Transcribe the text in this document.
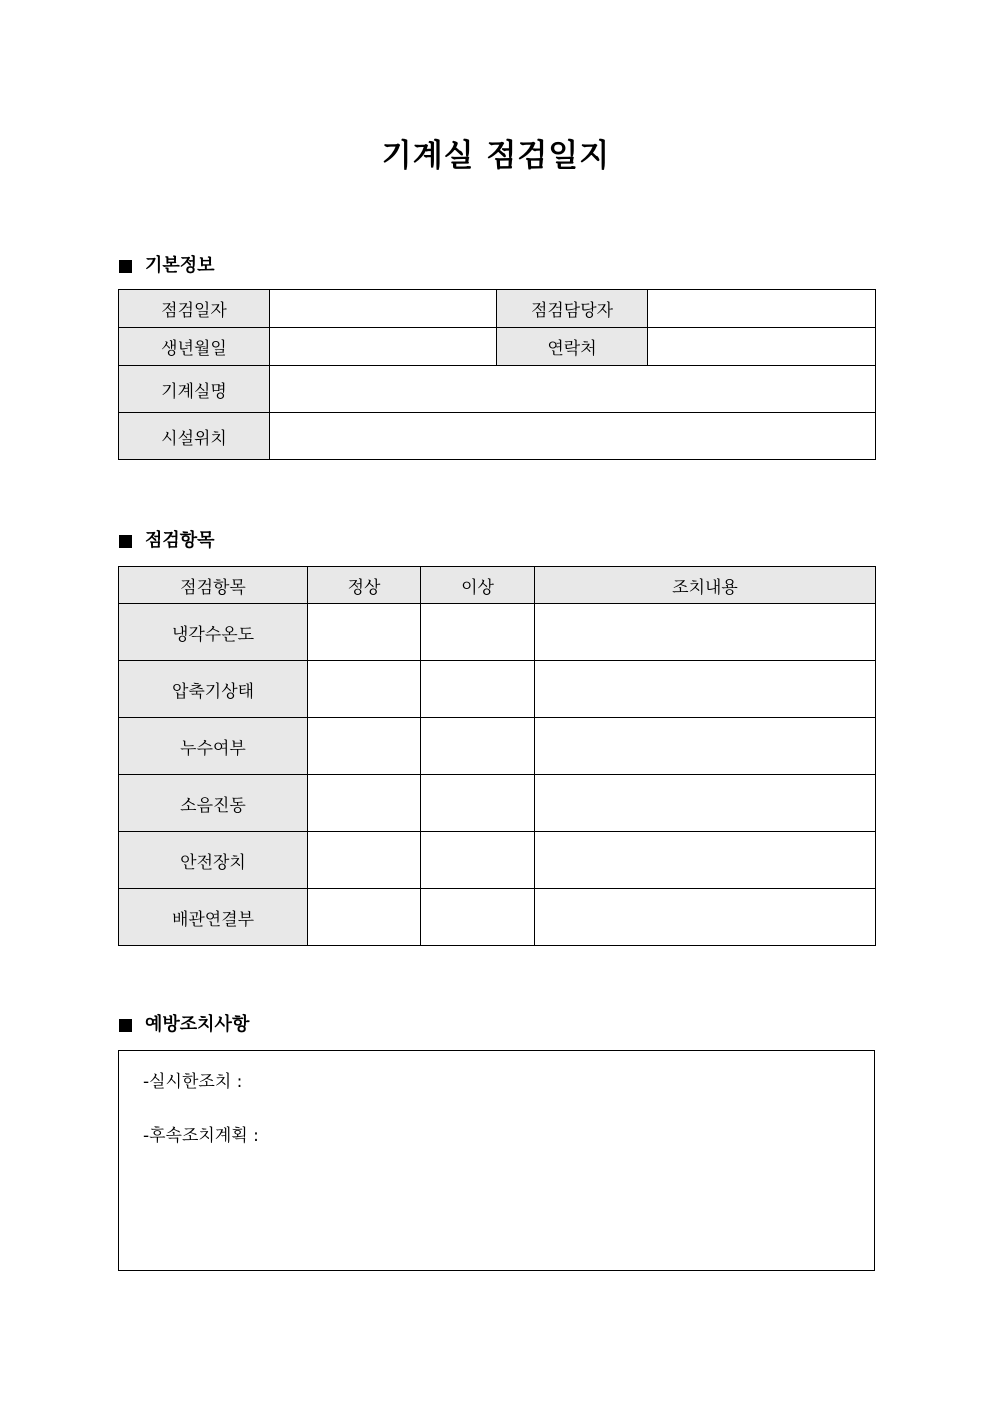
기계실 점검일지
기본정보
점검일자		점검담당자	
생년월일		연락처	
기계실명			
시설위치			
점검항목
점검항목	정상	이상	조치내용
냉각수온도			
압축기상태			
누수여부			
소음진동			
안전장치			
배관연결부			
예방조치사항
-실시한조치 :
-후속조치계획 :
